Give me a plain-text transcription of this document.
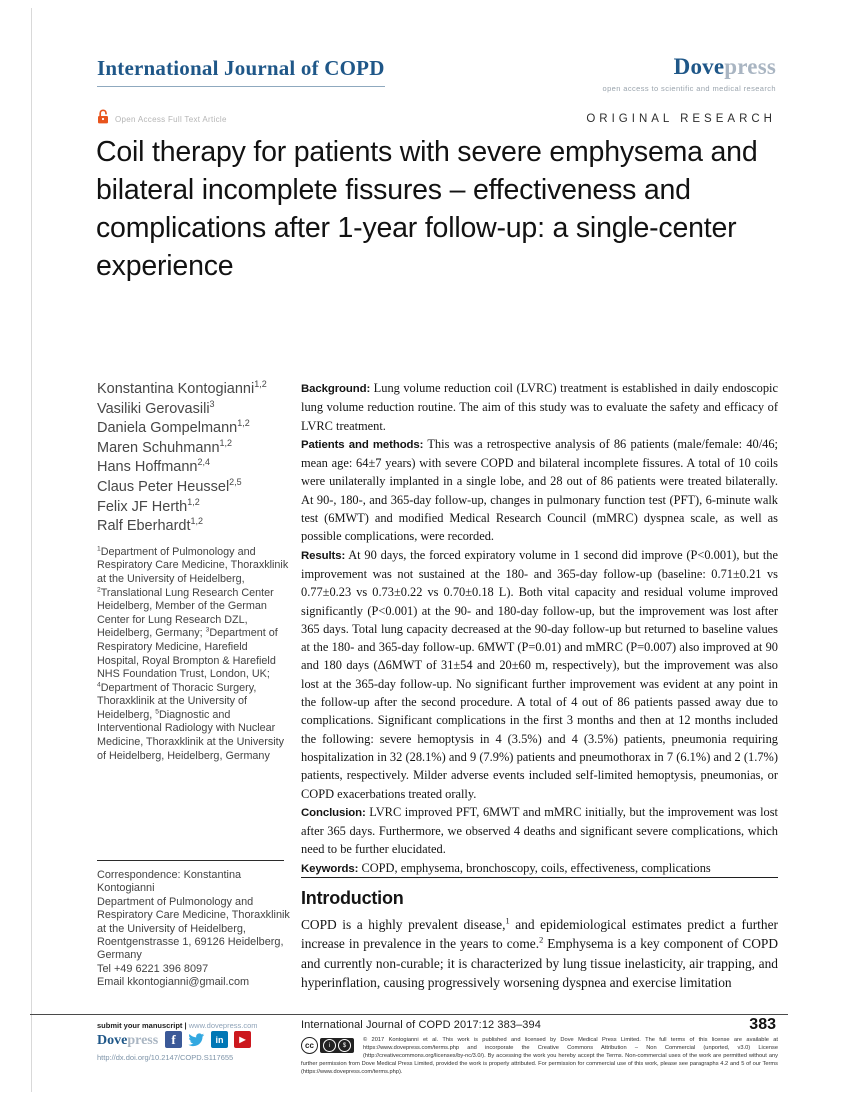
International Journal of COPD	Dovepress
open access to scientific and medical research
Open Access Full Text Article	ORIGINAL RESEARCH
Coil therapy for patients with severe emphysema and bilateral incomplete fissures – effectiveness and complications after 1-year follow-up: a single-center experience
Konstantina Kontogianni$^{1,2}$
Vasiliki Gerovasili$^3$
Daniela Gompelmann$^{1,2}$
Maren Schuhmann$^{1,2}$
Hans Hoffmann$^{2,4}$
Claus Peter Heussel$^{2,5}$
Felix JF Herth$^{1,2}$
Ralf Eberhardt$^{1,2}$

$^1$Department of Pulmonology and Respiratory Care Medicine, Thoraxklinik at the University of Heidelberg, $^2$Translational Lung Research Center Heidelberg, Member of the German Center for Lung Research DZL, Heidelberg, Germany; $^3$Department of Respiratory Medicine, Harefield Hospital, Royal Brompton & Harefield NHS Foundation Trust, London, UK; $^4$Department of Thoracic Surgery, Thoraxklinik at the University of Heidelberg, $^5$Diagnostic and Interventional Radiology with Nuclear Medicine, Thoraxklinik at the University of Heidelberg, Heidelberg, Germany

Correspondence: Konstantina Kontogianni

Department of Pulmonology and Respiratory Care Medicine, Thoraxklinik at the University of Heidelberg, Roentgenstrasse 1, 69126 Heidelberg, Germany

Tel +49 6221 396 8097

Email kkontogianni@gmail.com

Background: Lung volume reduction coil (LVRC) treatment is established in daily endoscopic lung volume reduction routine. The aim of this study was to evaluate the safety and efficacy of LVRC treatment.

Patients and methods: This was a retrospective analysis of 86 patients (male/female: 40/46; mean age: 64±7 years) with severe COPD and bilateral incomplete fissures. A total of 10 coils were unilaterally implanted in a single lobe, and 28 out of 86 patients were treated bilaterally. At 90-, 180-, and 365-day follow-up, changes in pulmonary function test (PFT), 6-minute walk test (6MWT) and modified Medical Research Council (mMRC) dyspnea scale, as well as possible complications, were recorded.

Results: At 90 days, the forced expiratory volume in 1 second did improve (P<0.001), but the improvement was not sustained at the 180- and 365-day follow-up (baseline: 0.71±0.21 vs 0.77±0.23 vs 0.73±0.22 vs 0.70±0.18 L). Both vital capacity and residual volume improved significantly (P<0.001) at the 90- and 180-day follow-up, but the improvement was lost after 365 days. Total lung capacity decreased at the 90-day follow-up but returned to baseline values at the 180- and 365-day follow-up. 6MWT (P=0.01) and mMRC (P=0.007) also improved at 90 and 180 days (Δ6MWT of 31±54 and 20±60 m, respectively), but the improvement was also lost at the 365-day follow-up. No significant further improvement was evident at any point in the follow-up after the second procedure. A total of 4 out of 86 patients passed away due to complications. Significant complications in the first 3 months and then at 12 months included the following: severe hemoptysis in 4 (3.5%) and 4 (3.5%) patients, pneumonia requiring hospitalization in 32 (28.1%) and 9 (7.9%) patients and pneumothorax in 7 (6.1%) and 2 (1.7%) patients, respectively. Milder adverse events included self-limited hemoptysis, pneumonias, or COPD exacerbations treated orally.

Conclusion: LVRC improved PFT, 6MWT and mMRC initially, but the improvement was lost after 365 days. Furthermore, we observed 4 deaths and significant severe complications, which need to be further elucidated.

Keywords: COPD, emphysema, bronchoscopy, coils, effectiveness, complications

Introduction

COPD is a highly prevalent disease,$^1$ and epidemiological estimates predict a further increase in prevalence in the years to come.$^2$ Emphysema is a key component of COPD and currently non-curable; it is characterized by lung tissue inelasticity, air trapping, and hyperinflation, causing progressively worsening dyspnea and exercise limitation

submit your manuscript | www.dovepress.com
Dovepress	f	in	▶
http://dx.doi.org/10.2147/COPD.S117655
International Journal of COPD 2017:12 383–394	383
cc	i	$
© 2017 Kontogianni et al. This work is published and licensed by Dove Medical Press Limited. The full terms of this license are available at https://www.dovepress.com/terms.php and incorporate the Creative Commons Attribution – Non Commercial (unported, v3.0) License (http://creativecommons.org/licenses/by-nc/3.0/). By accessing the work you hereby accept the Terms. Non-commercial uses of the work are permitted without any further permission from Dove Medical Press Limited, provided the work is properly attributed. For permission for commercial use of this work, please see paragraphs 4.2 and 5 of our Terms (https://www.dovepress.com/terms.php).
